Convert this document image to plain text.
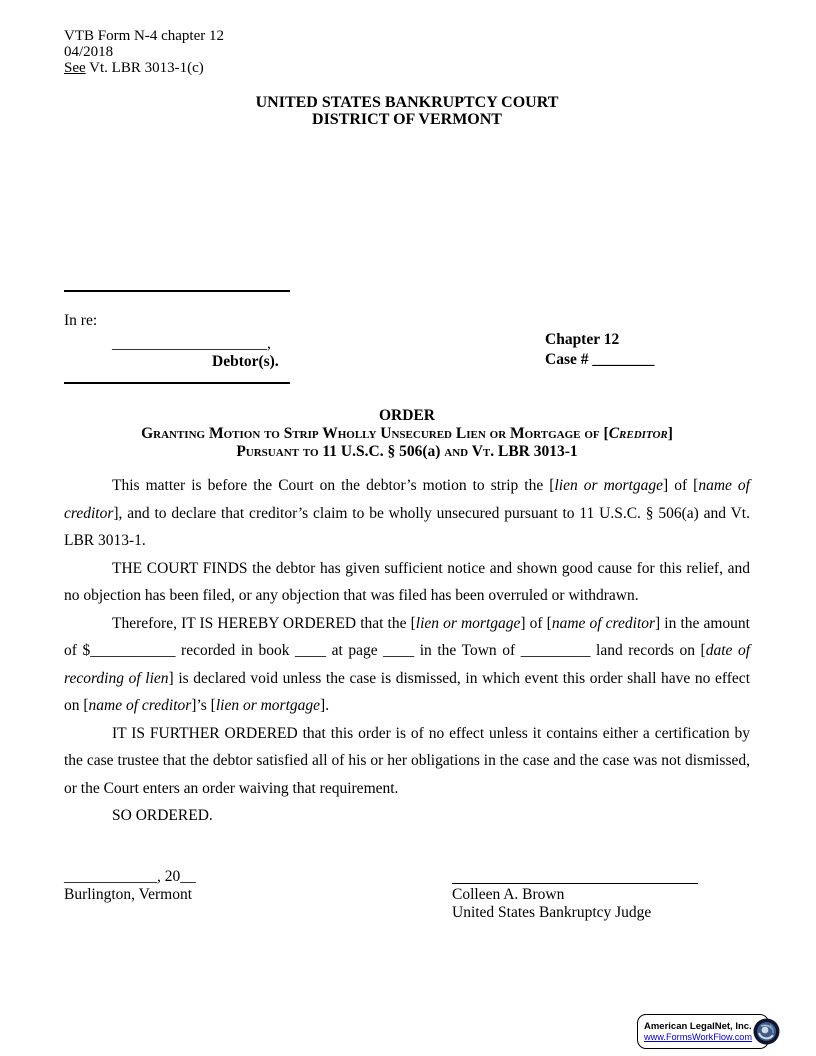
VTB Form N-4 chapter 12
04/2018
See Vt. LBR 3013-1(c)
UNITED STATES BANKRUPTCY COURT
DISTRICT OF VERMONT
In re:
____________________,
Debtor(s).
Chapter 12
Case # ________
ORDER
Granting Motion to Strip Wholly Unsecured Lien or Mortgage of [Creditor]
Pursuant to 11 U.S.C. § 506(a) and Vt. LBR 3013-1

This matter is before the Court on the debtor’s motion to strip the [lien or mortgage] of [name of creditor], and to declare that creditor’s claim to be wholly unsecured pursuant to 11 U.S.C. § 506(a) and Vt. LBR 3013-1.

THE COURT FINDS the debtor has given sufficient notice and shown good cause for this relief, and no objection has been filed, or any objection that was filed has been overruled or withdrawn.

Therefore, IT IS HEREBY ORDERED that the [lien or mortgage] of [name of creditor] in the amount of $___________ recorded in book ____ at page ____ in the Town of _________ land records on [date of recording of lien] is declared void unless the case is dismissed, in which event this order shall have no effect on [name of creditor]’s [lien or mortgage].

IT IS FURTHER ORDERED that this order is of no effect unless it contains either a certification by the case trustee that the debtor satisfied all of his or her obligations in the case and the case was not dismissed, or the Court enters an order waiving that requirement.

SO ORDERED.

____________, 20__
Burlington, Vermont	Colleen A. Brown
United States Bankruptcy Judge
American LegalNet, Inc.
www.FormsWorkFlow.com
